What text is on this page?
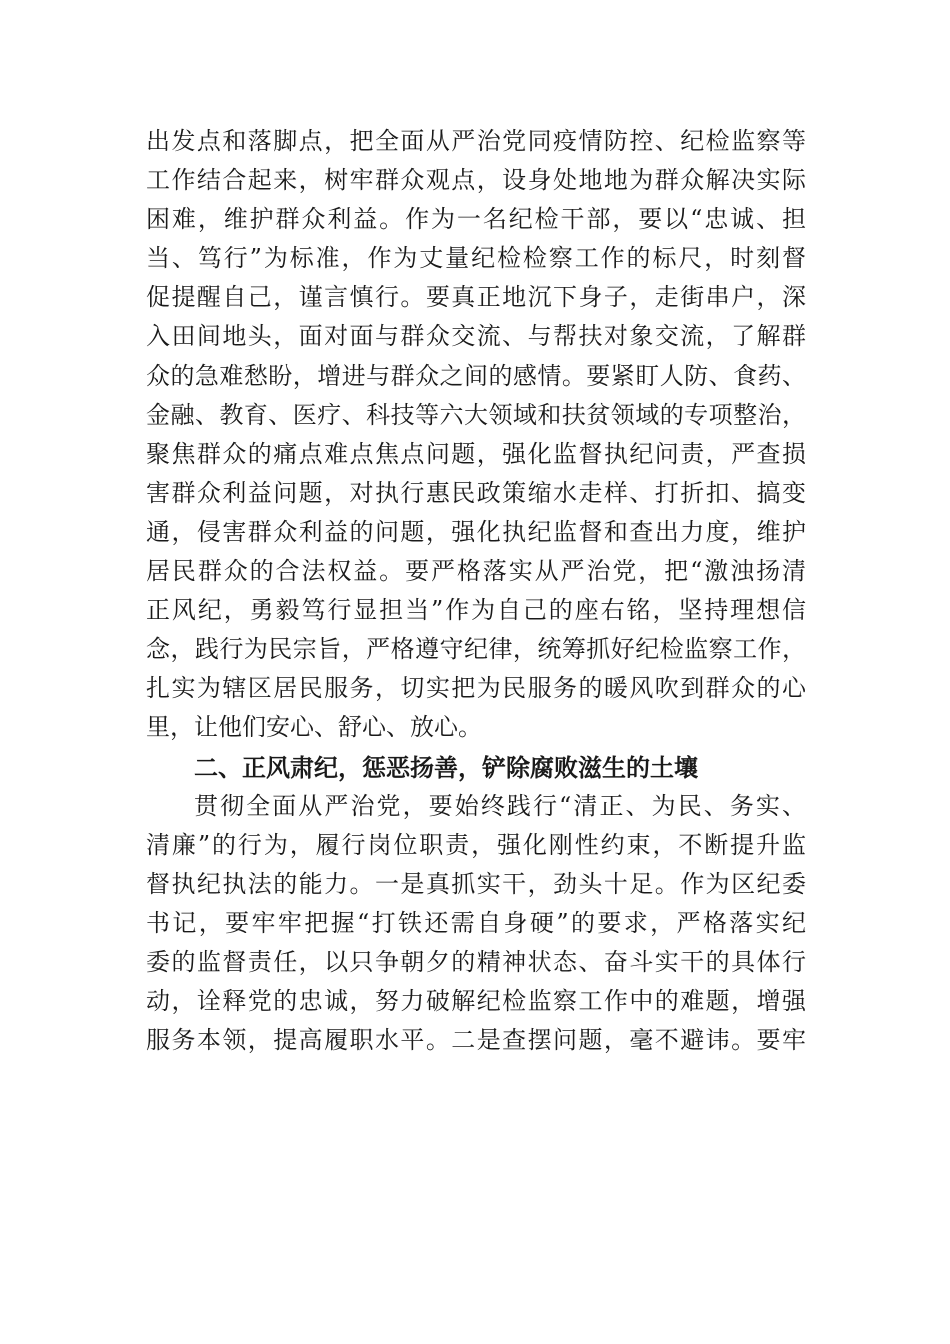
出发点和落脚点，把全面从严治党同疫情防控、纪检监察等
工作结合起来，树牢群众观点，设身处地地为群众解决实际
困难，维护群众利益。作为一名纪检干部，要以“忠诚、担
当、笃行”为标准，作为丈量纪检检察工作的标尺，时刻督
促提醒自己，谨言慎行。要真正地沉下身子，走街串户，深
入田间地头，面对面与群众交流、与帮扶对象交流，了解群
众的急难愁盼，增进与群众之间的感情。要紧盯人防、食药、
金融、教育、医疗、科技等六大领域和扶贫领域的专项整治，
聚焦群众的痛点难点焦点问题，强化监督执纪问责，严查损
害群众利益问题，对执行惠民政策缩水走样、打折扣、搞变
通，侵害群众利益的问题，强化执纪监督和查出力度，维护
居民群众的合法权益。要严格落实从严治党，把“激浊扬清
正风纪，勇毅笃行显担当”作为自己的座右铭，坚持理想信
念，践行为民宗旨，严格遵守纪律，统筹抓好纪检监察工作，
扎实为辖区居民服务，切实把为民服务的暖风吹到群众的心
里，让他们安心、舒心、放心。
二、正风肃纪，惩恶扬善，铲除腐败滋生的土壤
贯彻全面从严治党，要始终践行“清正、为民、务实、
清廉”的行为，履行岗位职责，强化刚性约束，不断提升监
督执纪执法的能力。一是真抓实干，劲头十足。作为区纪委
书记，要牢牢把握“打铁还需自身硬”的要求，严格落实纪
委的监督责任，以只争朝夕的精神状态、奋斗实干的具体行
动，诠释党的忠诚，努力破解纪检监察工作中的难题，增强
服务本领，提高履职水平。二是查摆问题，毫不避讳。要牢
